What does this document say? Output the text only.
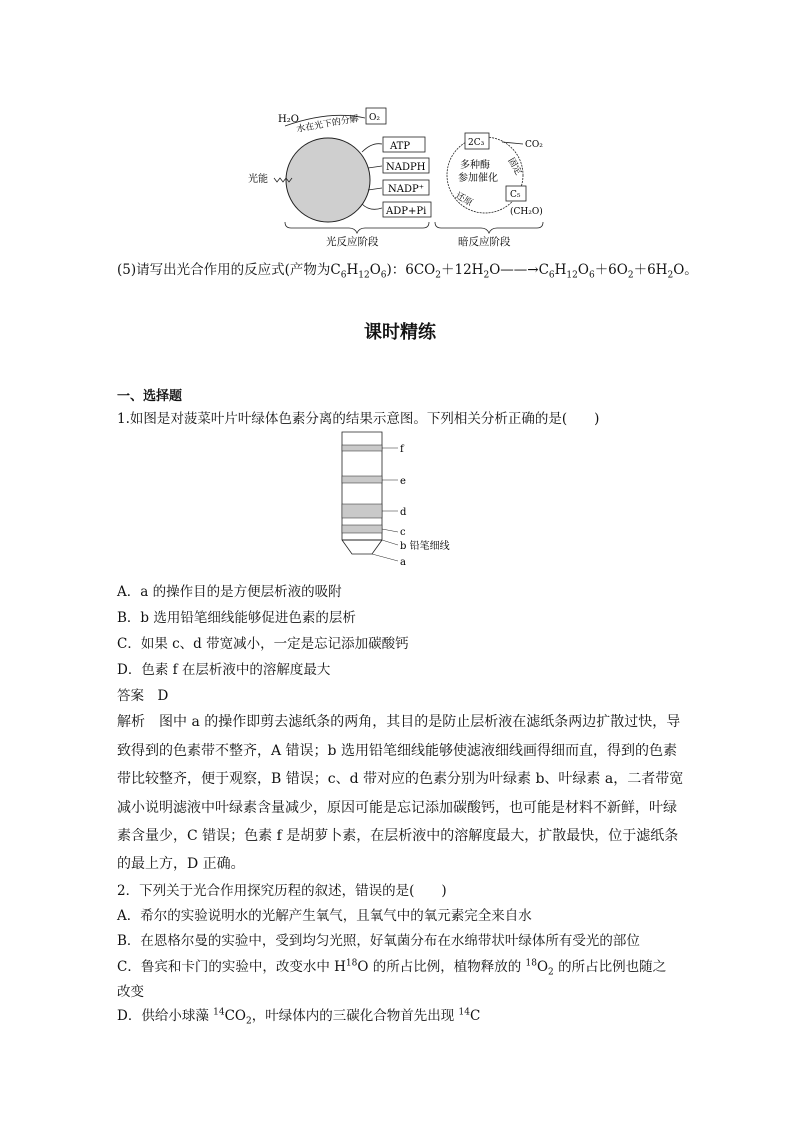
H₂O
水在光下的分解 O₂
光能
ATP
NADPH
NADP⁺
ADP+Pi
2C₃	CO₂
固定
多种酶
参加催化
还原	C₅
(CH₂O)
光反应阶段	暗反应阶段
(5)请写出光合作用的反应式(产物为$C_6H_{12}O_6$)：$6CO_2+12H_2O——\to C_6H_{12}O_6+6O_2+6H_2O$。
课时精练
一、选择题
1.如图是对菠菜叶片叶绿体色素分离的结果示意图。下列相关分析正确的是(　　)
f
e
d
c
b 铅笔细线
a
A．a 的操作目的是方便层析液的吸附
B．b 选用铅笔细线能够促进色素的层析
C．如果 c、d 带宽减小，一定是忘记添加碳酸钙
D．色素 f 在层析液中的溶解度最大
答案　D
解析　图中 a 的操作即剪去滤纸条的两角，其目的是防止层析液在滤纸条两边扩散过快，导
致得到的色素带不整齐，A 错误；b 选用铅笔细线能够使滤液细线画得细而直，得到的色素
带比较整齐，便于观察，B 错误；c、d 带对应的色素分别为叶绿素 b、叶绿素 a，二者带宽
减小说明滤液中叶绿素含量减少，原因可能是忘记添加碳酸钙，也可能是材料不新鲜，叶绿
素含量少，C 错误；色素 f 是胡萝卜素，在层析液中的溶解度最大，扩散最快，位于滤纸条
的最上方，D 正确。
2．下列关于光合作用探究历程的叙述，错误的是(　　)
A．希尔的实验说明水的光解产生氧气，且氧气中的氧元素完全来自水
B．在恩格尔曼的实验中，受到均匀光照，好氧菌分布在水绵带状叶绿体所有受光的部位
C．鲁宾和卡门的实验中，改变水中 $H^{18}O$ 的所占比例，植物释放的 $^{18}O_2$ 的所占比例也随之
改变
D．供给小球藻 $^{14}CO_2$，叶绿体内的三碳化合物首先出现 $^{14}$C
